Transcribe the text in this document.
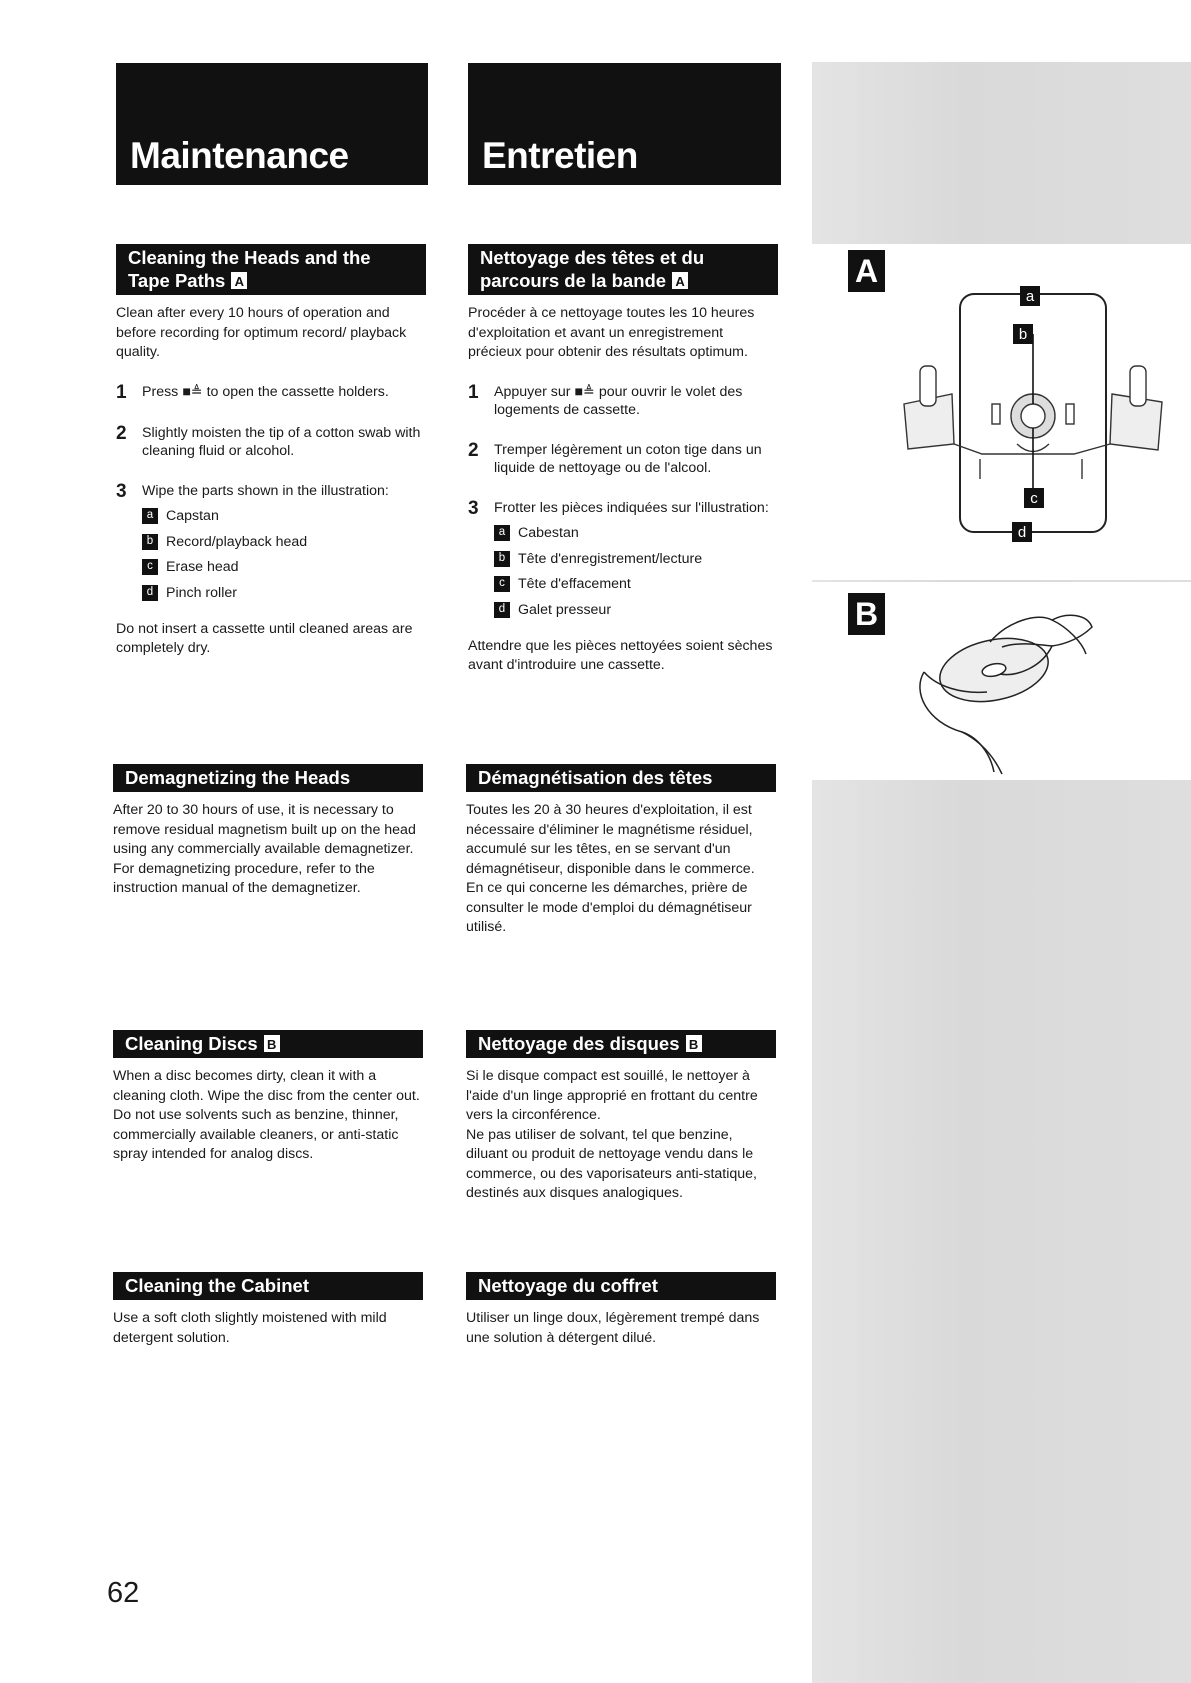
Maintenance	Entretien
Cleaning the Heads and the Tape Paths A

Clean after every 10 hours of operation and before recording for optimum record/ playback quality.

1	Press ■≜ to open the cassette holders.
2	Slightly moisten the tip of a cotton swab with cleaning fluid or alcohol.
3	Wipe the parts shown in the illustration:
a Capstan
b Record/playback head
c Erase head
d Pinch roller

Do not insert a cassette until cleaned areas are completely dry.

Demagnetizing the Heads

After 20 to 30 hours of use, it is necessary to remove residual magnetism built up on the head using any commercially available demagnetizer.

For demagnetizing procedure, refer to the instruction manual of the demagnetizer.

Cleaning Discs B

When a disc becomes dirty, clean it with a cleaning cloth. Wipe the disc from the center out.

Do not use solvents such as benzine, thinner, commercially available cleaners, or anti-static spray intended for analog discs.

Cleaning the Cabinet

Use a soft cloth slightly moistened with mild detergent solution.

Nettoyage des têtes et du parcours de la bande A

Procéder à ce nettoyage toutes les 10 heures d'exploitation et avant un enregistrement précieux pour obtenir des résultats optimum.

1	Appuyer sur ■≜ pour ouvrir le volet des logements de cassette.
2	Tremper légèrement un coton tige dans un liquide de nettoyage ou de l'alcool.
3	Frotter les pièces indiquées sur l'illustration:
a Cabestan
b Tête d'enregistrement/lecture
c Tête d'effacement
d Galet presseur

Attendre que les pièces nettoyées soient sèches avant d'introduire une cassette.

Démagnétisation des têtes

Toutes les 20 à 30 heures d'exploitation, il est nécessaire d'éliminer le magnétisme résiduel, accumulé sur les têtes, en se servant d'un démagnétiseur, disponible dans le commerce.

En ce qui concerne les démarches, prière de consulter le mode d'emploi du démagnétiseur utilisé.

Nettoyage des disques B

Si le disque compact est souillé, le nettoyer à l'aide d'un linge approprié en frottant du centre vers la circonférence.

Ne pas utiliser de solvant, tel que benzine, diluant ou produit de nettoyage vendu dans le commerce, ou des vaporisateurs anti-statique, destinés aux disques analogiques.

Nettoyage du coffret

Utiliser un linge doux, légèrement trempé dans une solution à détergent dilué.

A
a
b
c
d
B
62
